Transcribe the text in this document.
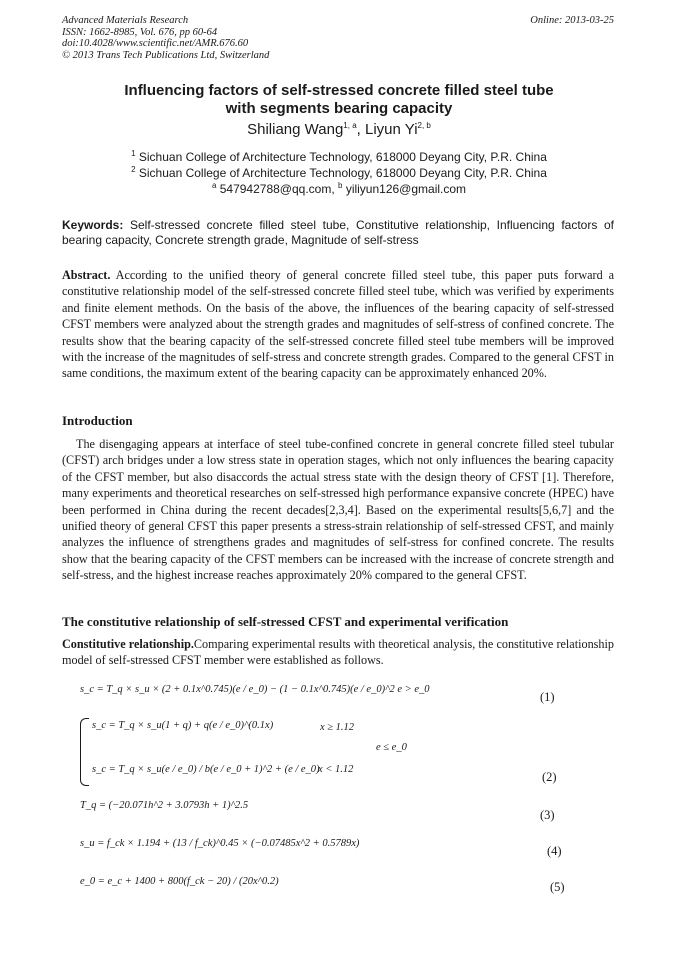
Advanced Materials Research
ISSN: 1662-8985, Vol. 676, pp 60-64
doi:10.4028/www.scientific.net/AMR.676.60
© 2013 Trans Tech Publications Ltd, Switzerland
Online: 2013-03-25
Influencing factors of self-stressed concrete filled steel tube
with segments bearing capacity
Shiliang Wang$^{1, a}$, Liyun Yi$^{2, b}$
$^1$ Sichuan College of Architecture Technology, 618000 Deyang City, P.R. China
$^2$ Sichuan College of Architecture Technology, 618000 Deyang City, P.R. China
$^a$ 547942788@qq.com, $^b$ yiliyun126@gmail.com
Keywords: Self-stressed concrete filled steel tube, Constitutive relationship, Influencing factors of bearing capacity, Concrete strength grade, Magnitude of self-stress
Abstract. According to the unified theory of general concrete filled steel tube, this paper puts forward a constitutive relationship model of the self-stressed concrete filled steel tube, which was verified by experiments and finite element methods. On the basis of the above, the influences of the bearing capacity of self-stressed CFST members were analyzed about the strength grades and magnitudes of self-stress of confined concrete. The results show that the bearing capacity of the self-stressed concrete filled steel tube members will be improved with the increase of the magnitudes of self-stress and concrete strength grades. Compared to the general CFST in same conditions, the maximum extent of the bearing capacity can be approximately enhanced 20%.
Introduction
The disengaging appears at interface of steel tube-confined concrete in general concrete filled steel tubular (CFST) arch bridges under a low stress state in operation stages, which not only influences the bearing capacity of the CFST member, but also disaccords the actual stress state with the design theory of CFST [1]. Therefore, many experiments and theoretical researches on self-stressed high performance expansive concrete (HPEC) have been performed in China during the recent decades[2,3,4]. Based on the experimental results[5,6,7] and the unified theory of general CFST this paper presents a stress-strain relationship of self-stressed CFST, and mainly analyzes the influence of strengthens grades and magnitudes of self-stress for confined concrete. The results show that the bearing capacity of the CFST members can be increased with the increase of concrete strength and self-stress, and the highest increase reaches approximately 20% compared to the general CFST.
The constitutive relationship of self-stressed CFST and experimental verification
Constitutive relationship.Comparing experimental results with theoretical analysis, the constitutive relationship model of self-stressed CFST member were established as follows.
s_c = T_q × s_u × (2 + 0.1x^0.745)(e / e_0) − (1 − 0.1x^0.745)(e / e_0)^2 e > e_0
(1)
s_c = T_q × s_u(1 + q) + q(e / e_0)^(0.1x)	x ≥ 1.12
e ≤ e_0
s_c = T_q × s_u(e / e_0) / b(e / e_0 + 1)^2 + (e / e_0)
x < 1.12
(2)
T_q = (−20.071h^2 + 3.0793h + 1)^2.5
(3)
s_u = f_ck × 1.194 + (13 / f_ck)^0.45 × (−0.07485x^2 + 0.5789x)
(4)
e_0 = e_c + 1400 + 800(f_ck − 20) / (20x^0.2)	(5)
